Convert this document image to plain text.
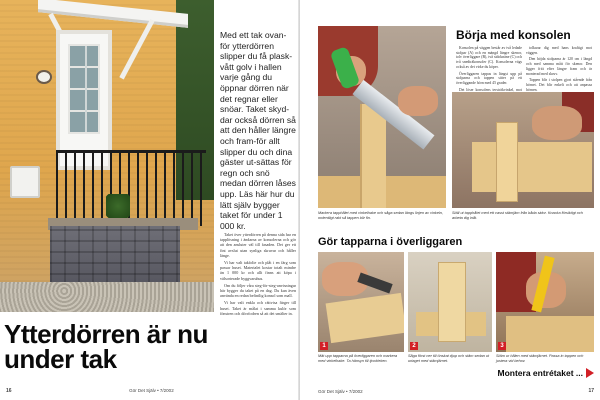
Med ett tak ovan-för ytterdörren slipper du få plask-vått golv i hallen varje gång du öppnar dörren när det regnar eller snöar. Taket skyd-dar också dörren så att den håller längre och fram-för allt slipper du och dina gäster ut-sättas för regn och snö medan dörren låses upp. Läs här hur du lätt själv bygger taket för under 1 000 kr.

Ytterdörren är nu under tak

Taket över ytterdörren på denna sida har en tapplösning i ändarna av konsolerna och gör att den ansluter väl till fasaden. Det ger ett fint avslut utan synliga skruvar och håller länge.

Vi har valt takfolie och plåt i en färg som passar huset. Materialet kostar totalt mindre än 1 000 kr och allt finns att köpa i välsorterade byggvaruhus.

Om du följer våra steg-för-steg-anvisningar här bygger du taket på en dag. Du kan även använda en redan befintlig konsol som mall.

Vi har valt enkla och rättvisa färger till huset. Taket är målat i samma kulör som fönstren och dörrfodren så att det smälter in.

16	Gör Det Själv • 7/2002
Börja med konsolen

Konsolen på väggen består av två ledade stolpar (A) och en mängd längre skenor, tolv överliggare (B), två sidoknäne (C) och två snedträkonsoler (C). Konsolerna vägs också av det virke du köper.

Överliggaren tappas in längst upp på stolparna och tappen sitter på ett överliggande hörn med 45 grader.

Det löser konsolens tersträkvinkel, mot

tolkarar dig med hans kraftigt mot väggen.

Den höjda stolparna är 120 cm i längd och med samma mått för skenor. Den ligger fritt efter längre fram och är monterad med skruv.

Tappen blir i stolpen gjort stående från hörnet. Det blir enkelt och att anpassa hörnen.

Markera tapphålet med vinkelhake och såga sedan längs linjen av vinkeln, ordentligt rakt så tappen blir fin.

Ställ ut tapphålet med ett vasst stämjärn från båda sidor. Knacka försiktigt och arbeta dig inåt.

Gör tapparna i överliggaren
1	2	3

Mät upp tapparna på överliggaren och markera med vinkelhake. Ta hänsyn till tjockleken.

Såga först ner till önskat djup och stäm sedan ut urtaget med stämjärnet.

Stäm ur hålen med stämjärnet. Passa in tappen och justera vid behov.

Montera entrétaket ...
Gör Det Själv • 7/2002	17
